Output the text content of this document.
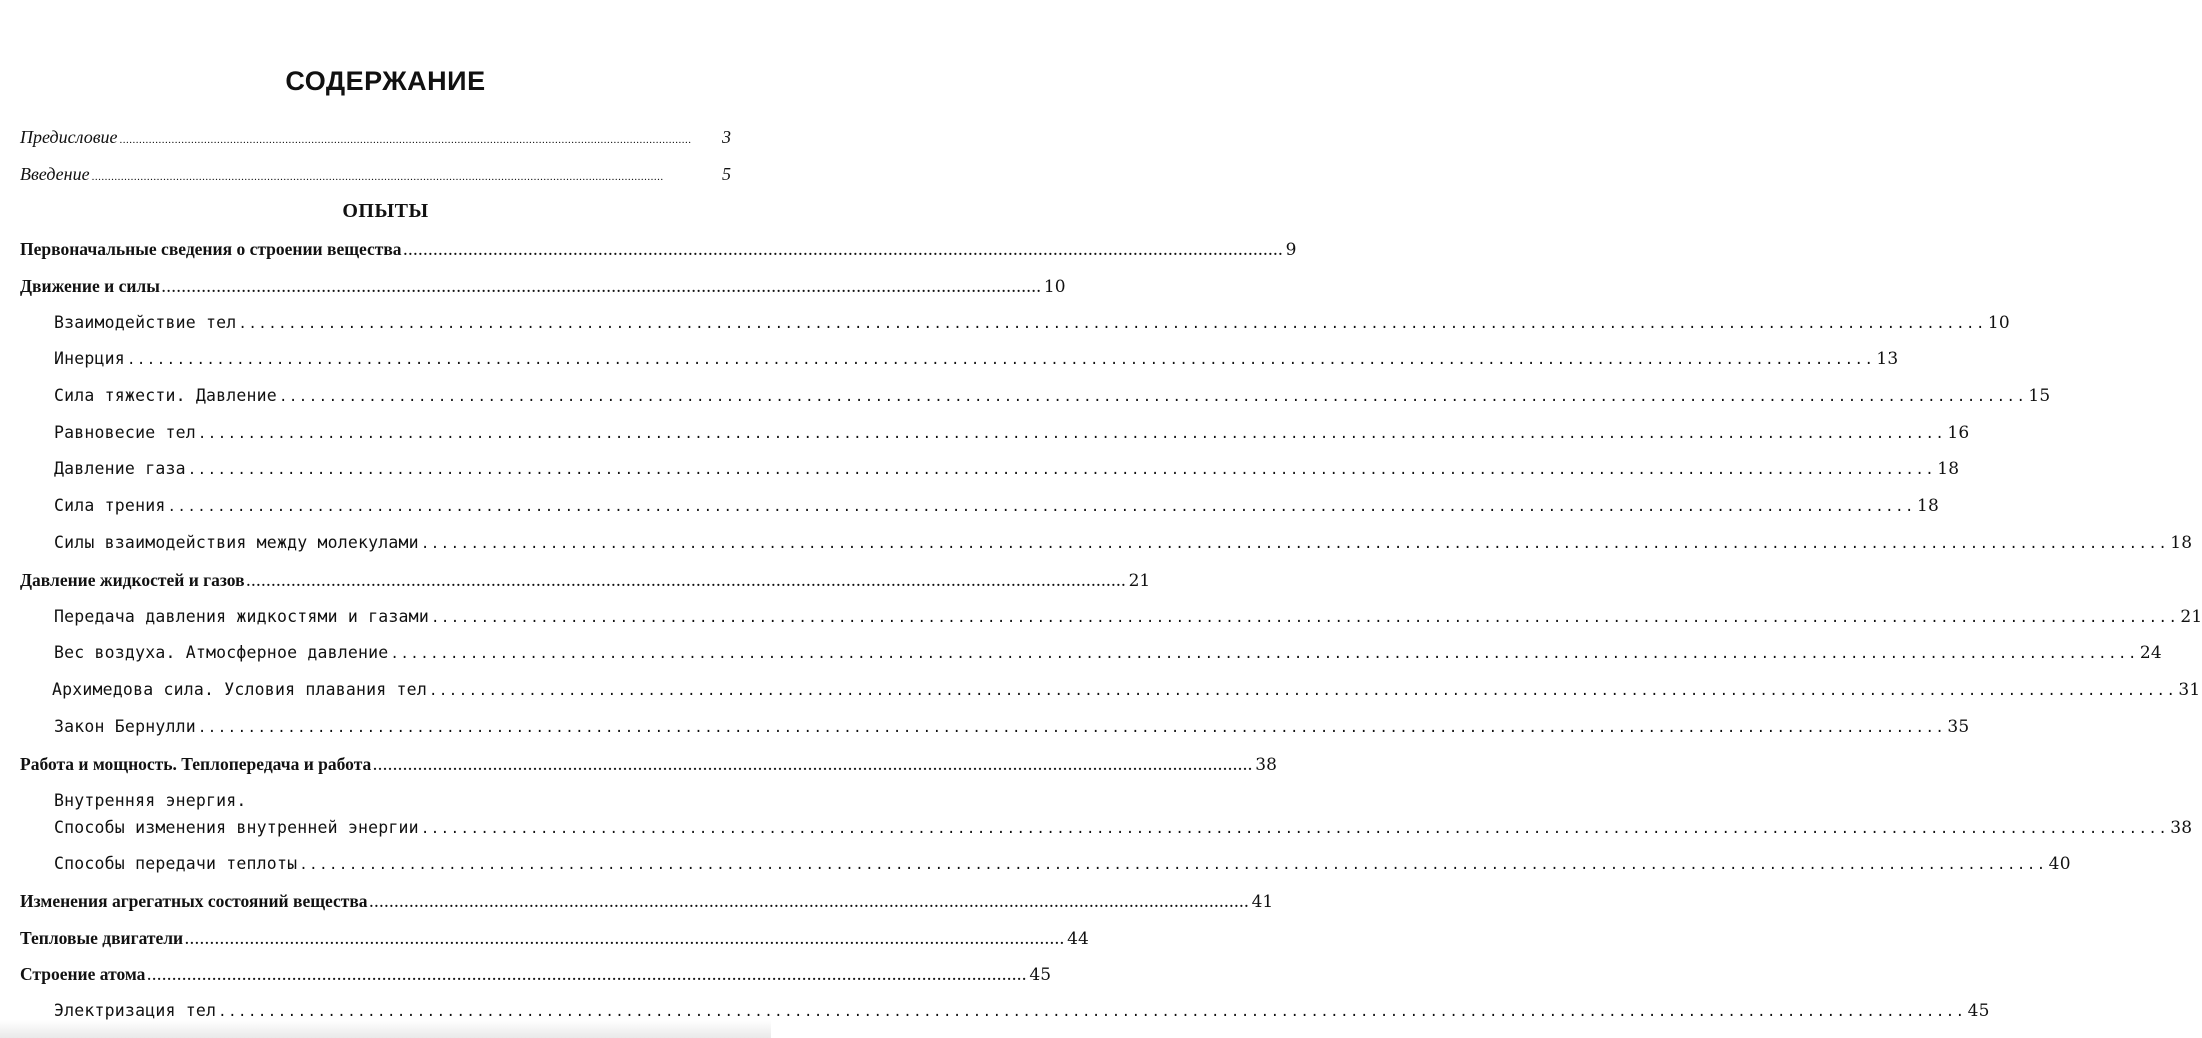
СОДЕРЖАНИЕ
Предисловие ................................................................................................................................................................................	3
Введение ................................................................................................................................................................................	5
ОПЫТЫ
Первоначальные сведения о строении вещества ................................................................................................................................................................................ 9
Движение и силы ................................................................................................................................................................................ 10
Взаимодействие тел ................................................................................................................................................................................ 10
Инерция ................................................................................................................................................................................ 13
Сила тяжести. Давление ................................................................................................................................................................................ 15
Равновесие тел ................................................................................................................................................................................ 16
Давление газа ................................................................................................................................................................................ 18
Сила трения ................................................................................................................................................................................ 18
Силы взаимодействия между молекулами ................................................................................................................................................................................ 18
Давление жидкостей и газов ................................................................................................................................................................................ 21
Передача давления жидкостями и газами ................................................................................................................................................................................ 21
Вес воздуха. Атмосферное давление ................................................................................................................................................................................ 24
Архимедова сила. Условия плавания тел ................................................................................................................................................................................ 31
Закон Бернулли ................................................................................................................................................................................ 35
Работа и мощность. Теплопередача и работа ................................................................................................................................................................................ 38
Внутренняя энергия.
Способы изменения внутренней энергии ................................................................................................................................................................................ 38
Способы передачи теплоты ................................................................................................................................................................................ 40
Изменения агрегатных состояний вещества ................................................................................................................................................................................ 41
Тепловые двигатели ................................................................................................................................................................................ 44
Строение атома ................................................................................................................................................................................ 45
Электризация тел ................................................................................................................................................................................ 45
